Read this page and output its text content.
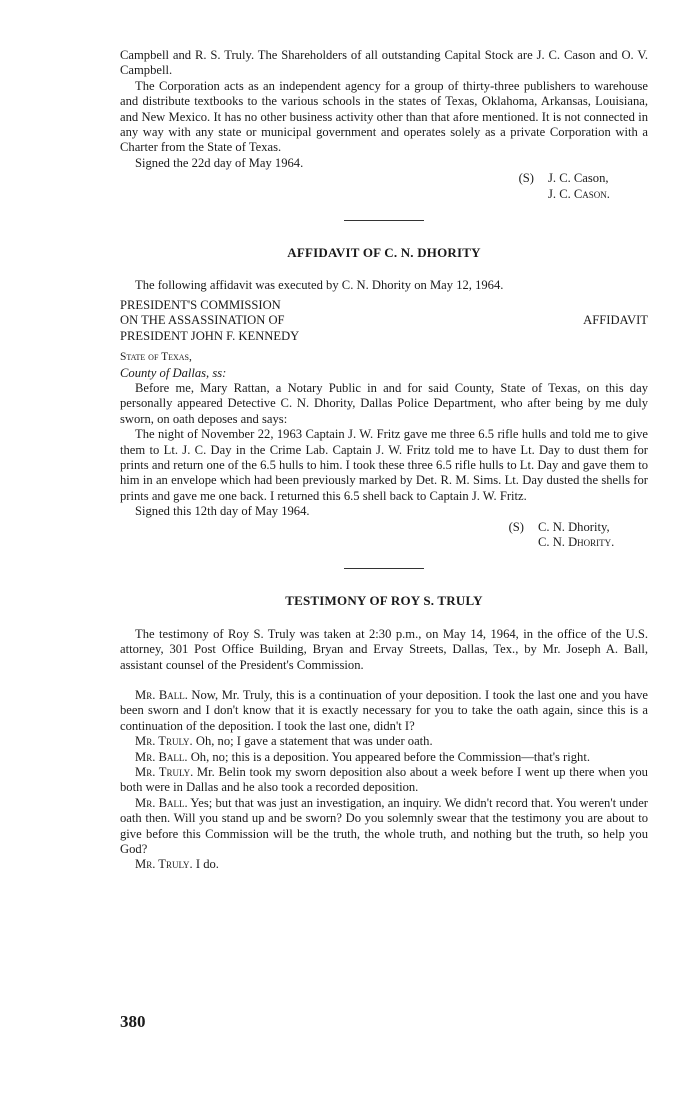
Campbell and R. S. Truly. The Shareholders of all outstanding Capital Stock are J. C. Cason and O. V. Campbell.

The Corporation acts as an independent agency for a group of thirty-three publishers to warehouse and distribute textbooks to the various schools in the states of Texas, Oklahoma, Arkansas, Louisiana, and New Mexico. It has no other business activity other than that afore mentioned. It is not connected in any way with any state or municipal government and operates solely as a private Corporation with a Charter from the State of Texas.

Signed the 22d day of May 1964.

(S) J. C. Cason,
J. C. Cason.
AFFIDAVIT OF C. N. DHORITY

The following affidavit was executed by C. N. Dhority on May 12, 1964.

PRESIDENT'S COMMISSION
ON THE ASSASSINATION OF
PRESIDENT JOHN F. KENNEDY
AFFIDAVIT
State of Texas,
County of Dallas, ss:

Before me, Mary Rattan, a Notary Public in and for said County, State of Texas, on this day personally appeared Detective C. N. Dhority, Dallas Police Department, who after being by me duly sworn, on oath deposes and says:

The night of November 22, 1963 Captain J. W. Fritz gave me three 6.5 rifle hulls and told me to give them to Lt. J. C. Day in the Crime Lab. Captain J. W. Fritz told me to have Lt. Day to dust them for prints and return one of the 6.5 hulls to him. I took these three 6.5 rifle hulls to Lt. Day and gave them to him in an envelope which had been previously marked by Det. R. M. Sims. Lt. Day dusted the shells for prints and gave me one back. I returned this 6.5 shell back to Captain J. W. Fritz.

Signed this 12th day of May 1964.

(S) C. N. Dhority,
C. N. Dhority.
TESTIMONY OF ROY S. TRULY

The testimony of Roy S. Truly was taken at 2:30 p.m., on May 14, 1964, in the office of the U.S. attorney, 301 Post Office Building, Bryan and Ervay Streets, Dallas, Tex., by Mr. Joseph A. Ball, assistant counsel of the President's Commission.

Mr. Ball. Now, Mr. Truly, this is a continuation of your deposition. I took the last one and you have been sworn and I don't know that it is exactly necessary for you to take the oath again, since this is a continuation of the deposition. I took the last one, didn't I?

Mr. Truly. Oh, no; I gave a statement that was under oath.

Mr. Ball. Oh, no; this is a deposition. You appeared before the Commission—that's right.

Mr. Truly. Mr. Belin took my sworn deposition also about a week before I went up there when you both were in Dallas and he also took a recorded deposition.

Mr. Ball. Yes; but that was just an investigation, an inquiry. We didn't record that. You weren't under oath then. Will you stand up and be sworn? Do you solemnly swear that the testimony you are about to give before this Commission will be the truth, the whole truth, and nothing but the truth, so help you God?

Mr. Truly. I do.

380
